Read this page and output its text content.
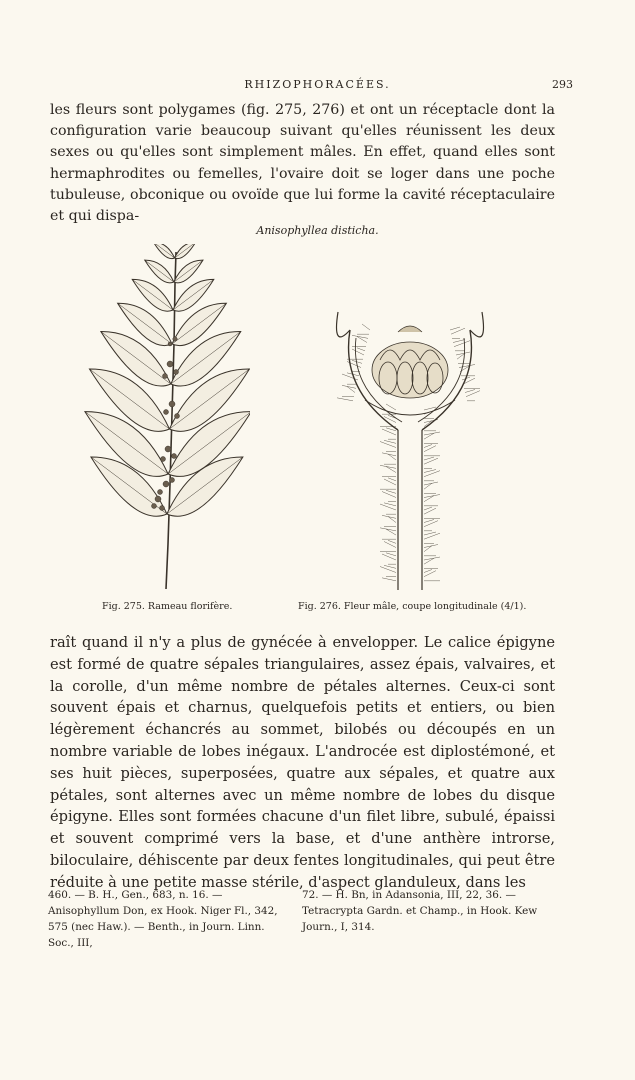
RHIZOPHORACÉES.	293

les fleurs sont polygames (fig. 275, 276) et ont un réceptacle dont la configuration varie beaucoup suivant qu'elles réunissent les deux sexes ou qu'elles sont simplement mâles. En effet, quand elles sont hermaphrodites ou femelles, l'ovaire doit se loger dans une poche tubuleuse, obconique ou ovoïde que lui forme la cavité réceptaculaire et qui dispa-

Anisophyllea disticha.
Fig. 275. Rameau florifère.	Fig. 276. Fleur mâle, coupe longitudinale (4/1).

raît quand il n'y a plus de gynécée à envelopper. Le calice épigyne est formé de quatre sépales triangulaires, assez épais, valvaires, et la corolle, d'un même nombre de pétales alternes. Ceux-ci sont souvent épais et charnus, quelquefois petits et entiers, ou bien légèrement échancrés au sommet, bilobés ou découpés en un nombre variable de lobes inégaux. L'androcée est diplostémoné, et ses huit pièces, superposées, quatre aux sépales, et quatre aux pétales, sont alternes avec un même nombre de lobes du disque épigyne. Elles sont formées chacune d'un filet libre, subulé, épaissi et souvent comprimé vers la base, et d'une anthère introrse, biloculaire, déhiscente par deux fentes longitudinales, qui peut être réduite à une petite masse stérile, d'aspect glanduleux, dans les

460. — B. H., Gen., 683, n. 16. — Anisophyllum Don, ex Hook. Niger Fl., 342, 575 (nec Haw.). — Benth., in Journ. Linn. Soc., III,

72. — H. Bn, in Adansonia, III, 22, 36. — Tetracrypta Gardn. et Champ., in Hook. Kew Journ., I, 314.
